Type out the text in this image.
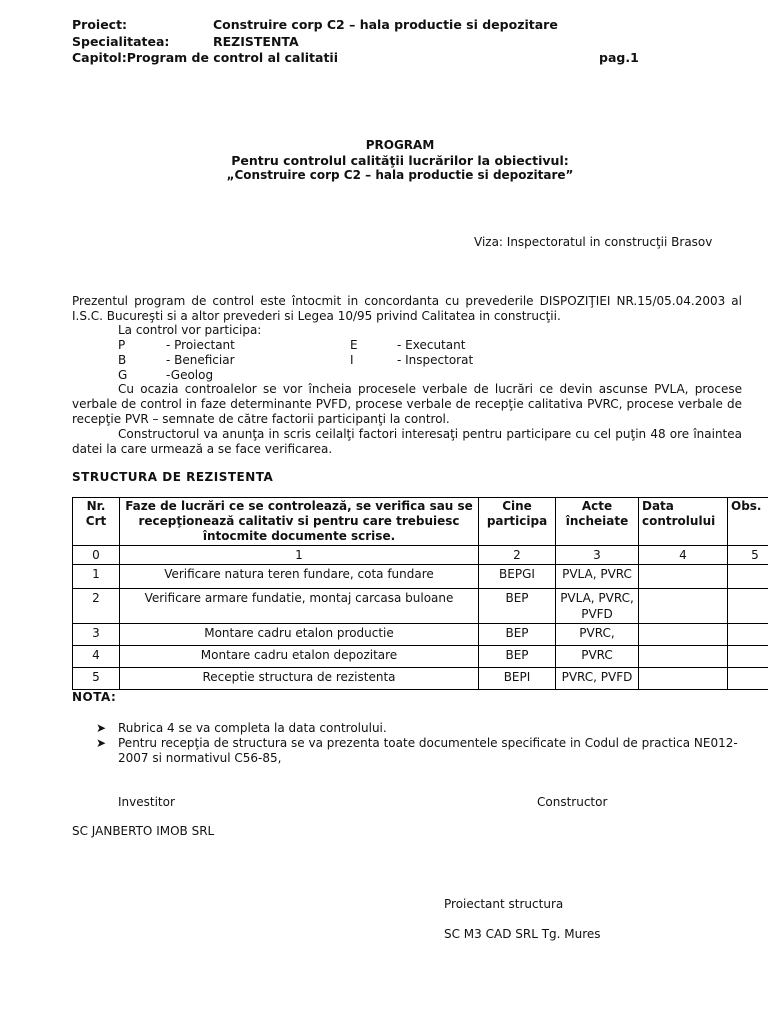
Proiect:	Construire corp C2 – hala productie si depozitare
Specialitatea:	REZISTENTA
Capitol:Program de control al calitatii	pag.1
PROGRAM
Pentru controlul calităţii lucrărilor la obiectivul:
„Construire corp C2 – hala productie si depozitare”
Viza: Inspectoratul in construcţii Brasov
Prezentul program de control este întocmit in concordanta cu prevederile DISPOZIŢIEI NR.15/05.04.2003 al I.S.C. Bucureşti si a altor prevederi si Legea 10/95 privind Calitatea in construcţii.
La control vor participa:
P	- Proiectant	E	- Executant
B	- Beneficiar	I	- Inspectorat
G	-Geolog
Cu ocazia controalelor se vor încheia procesele verbale de lucrări ce devin ascunse PVLA, procese verbale de control in faze determinante PVFD, procese verbale de recepţie calitativa PVRC, procese verbale de recepţie PVR – semnate de către factorii participanţi la control.
Constructorul va anunţa in scris ceilalţi factori interesaţi pentru participare cu cel puţin 48 ore înaintea datei la care urmează a se face verificarea.
STRUCTURA DE REZISTENTA
Nr. Crt	Faze de lucrări ce se controlează, se verifica sau se recepţionează calitativ si pentru care trebuiesc întocmite documente scrise.	Cine participa	Acte încheiate	Data controlului	Obs.
0	1	2	3	4	5
1	Verificare natura teren fundare, cota fundare	BEPGI	PVLA, PVRC		
2	Verificare armare fundatie, montaj carcasa buloane	BEP	PVLA, PVRC, PVFD		
3	Montare cadru etalon productie	BEP	PVRC,		
4	Montare cadru etalon depozitare	BEP	PVRC		
5	Receptie structura de rezistenta	BEPI	PVRC, PVFD		
NOTA:
➤ Rubrica 4 se va completa la data controlului.
➤ Pentru recepţia de structura se va prezenta toate documentele specificate in Codul de practica NE012-2007 si normativul C56-85,
Investitor	Constructor
SC JANBERTO IMOB SRL
Proiectant structura
SC M3 CAD SRL Tg. Mures
